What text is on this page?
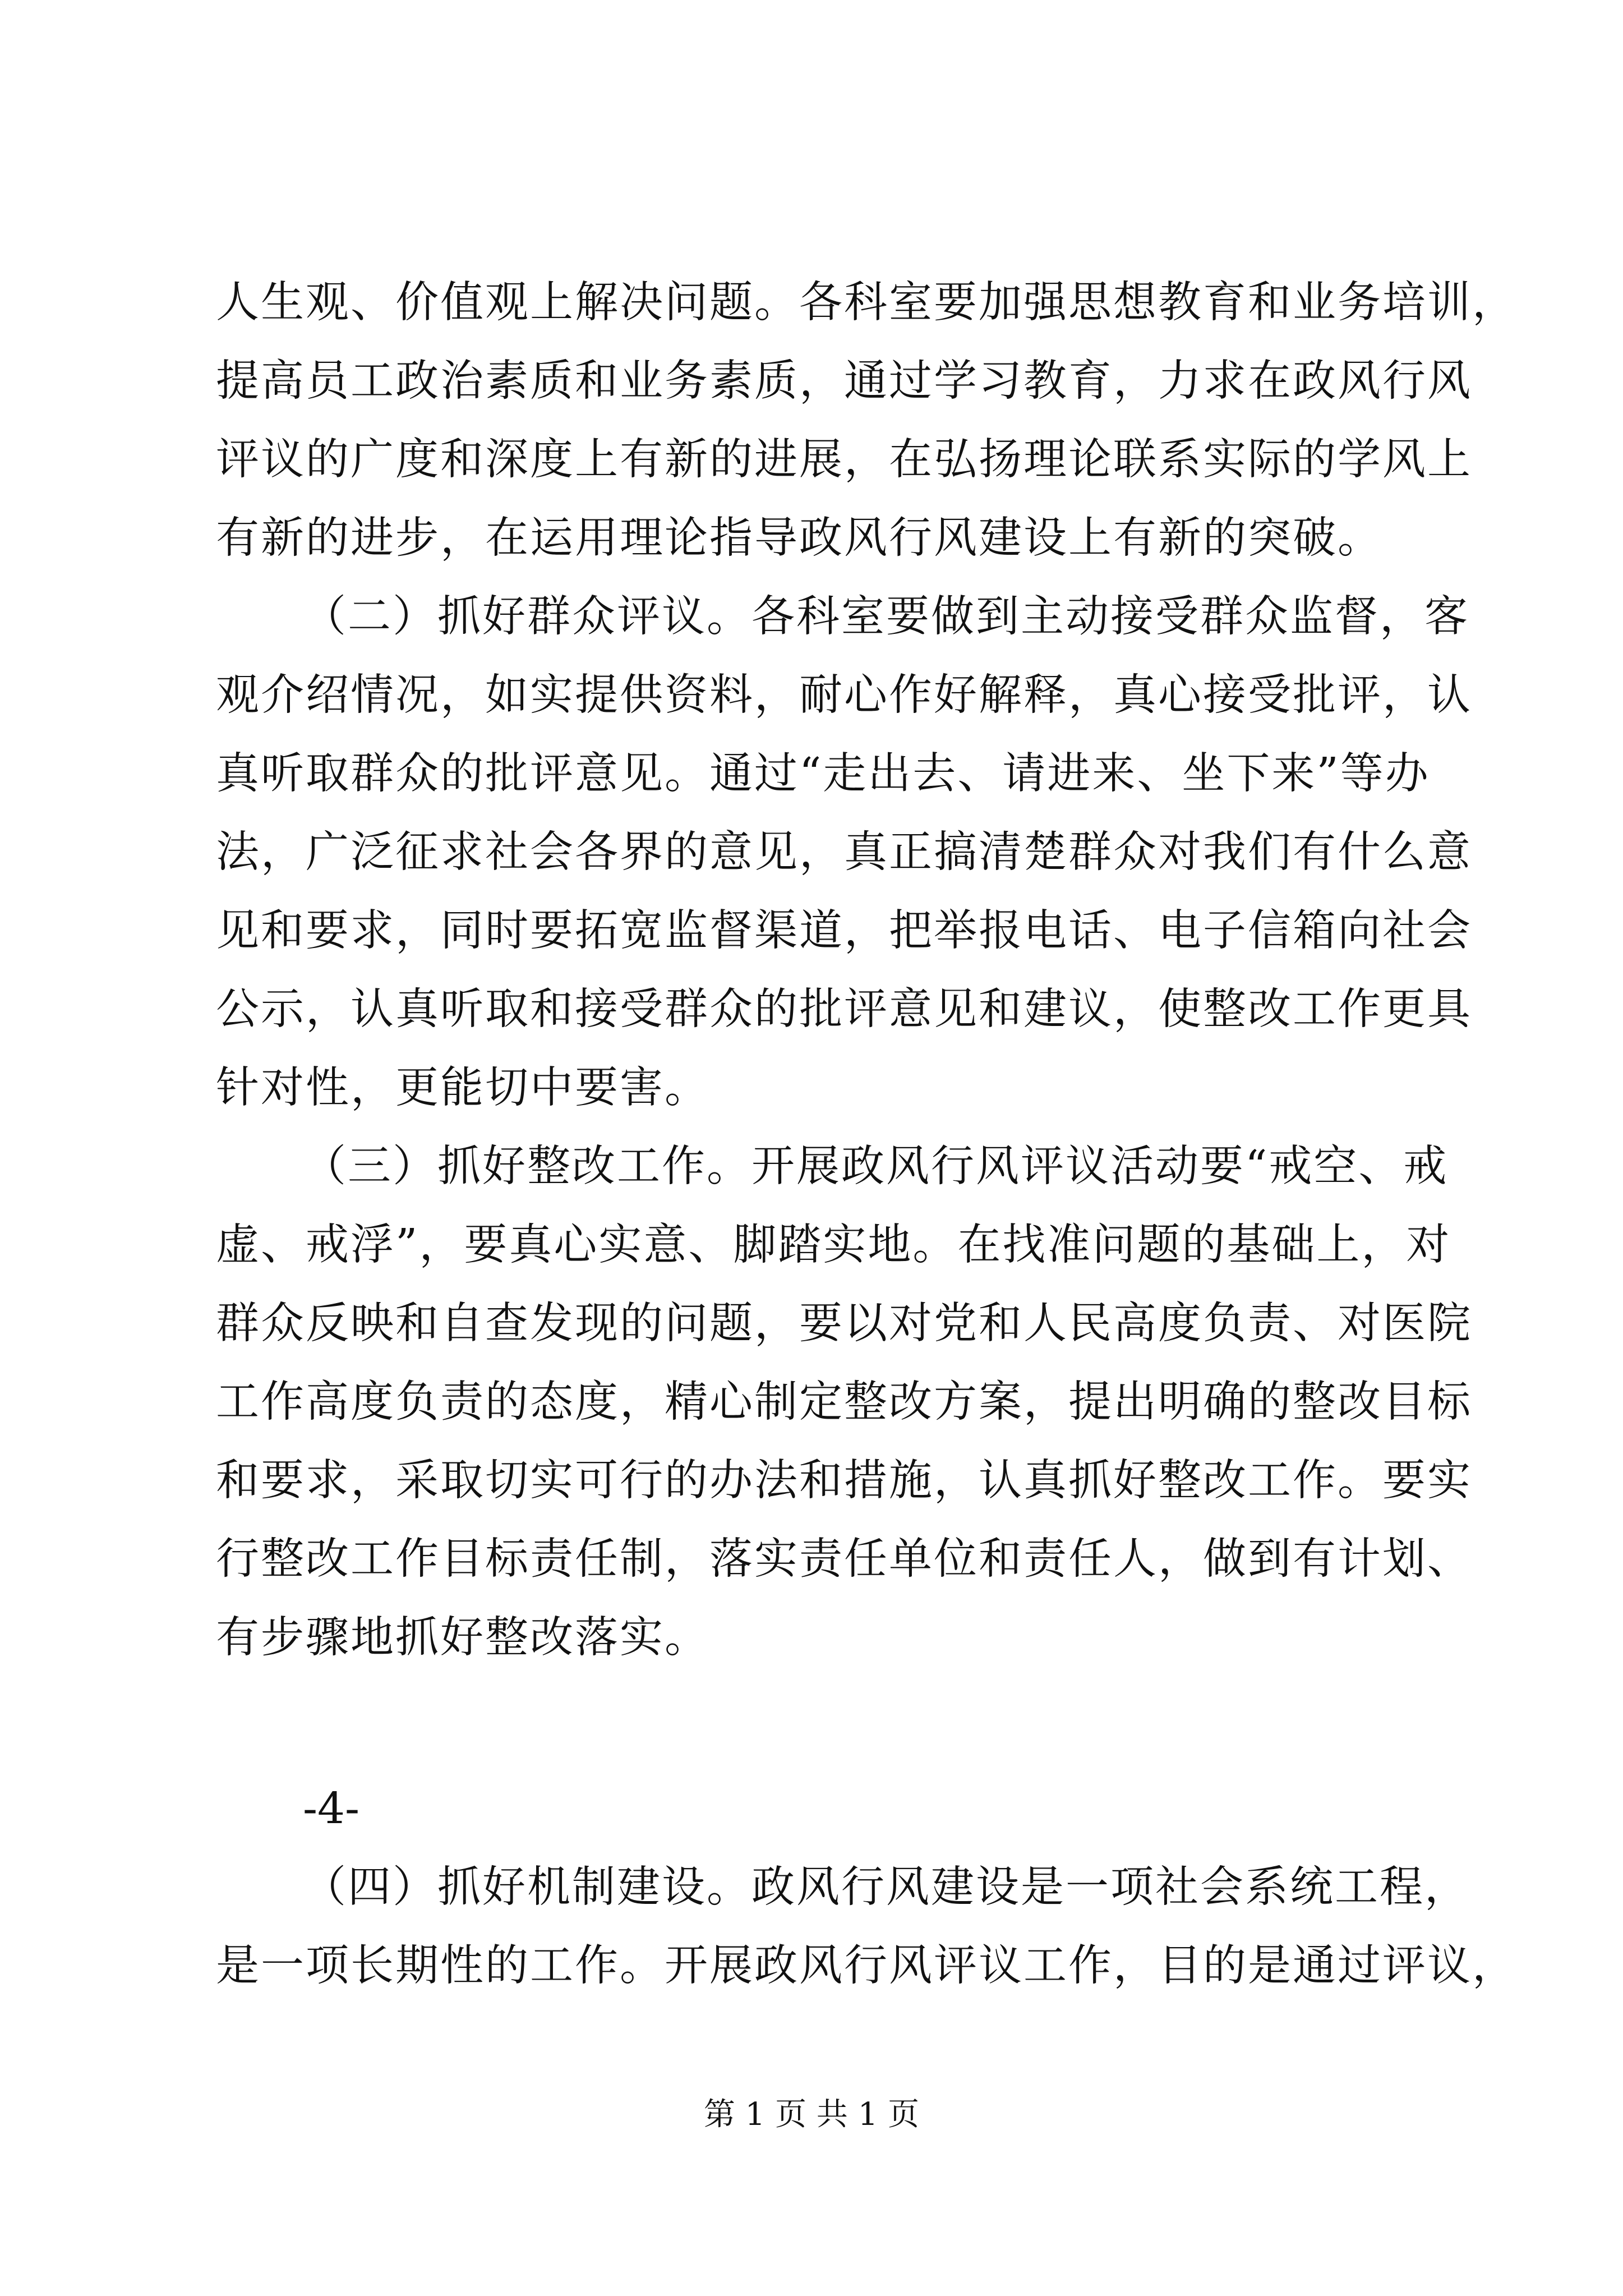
人生观、价值观上解决问题。各科室要加强思想教育和业务培训，
提高员工政治素质和业务素质，通过学习教育，力求在政风行风
评议的广度和深度上有新的进展，在弘扬理论联系实际的学风上
有新的进步，在运用理论指导政风行风建设上有新的突破。
（二）抓好群众评议。各科室要做到主动接受群众监督，客
观介绍情况，如实提供资料，耐心作好解释，真心接受批评，认
真听取群众的批评意见。通过“走出去、请进来、坐下来”等办
法，广泛征求社会各界的意见，真正搞清楚群众对我们有什么意
见和要求，同时要拓宽监督渠道，把举报电话、电子信箱向社会
公示，认真听取和接受群众的批评意见和建议，使整改工作更具
针对性，更能切中要害。
（三）抓好整改工作。开展政风行风评议活动要“戒空、戒
虚、戒浮”，要真心实意、脚踏实地。在找准问题的基础上，对
群众反映和自查发现的问题，要以对党和人民高度负责、对医院
工作高度负责的态度，精心制定整改方案，提出明确的整改目标
和要求，采取切实可行的办法和措施，认真抓好整改工作。要实
行整改工作目标责任制，落实责任单位和责任人，做到有计划、
有步骤地抓好整改落实。
-4-
（四）抓好机制建设。政风行风建设是一项社会系统工程，
是一项长期性的工作。开展政风行风评议工作，目的是通过评议，
第 1 页 共 1 页
